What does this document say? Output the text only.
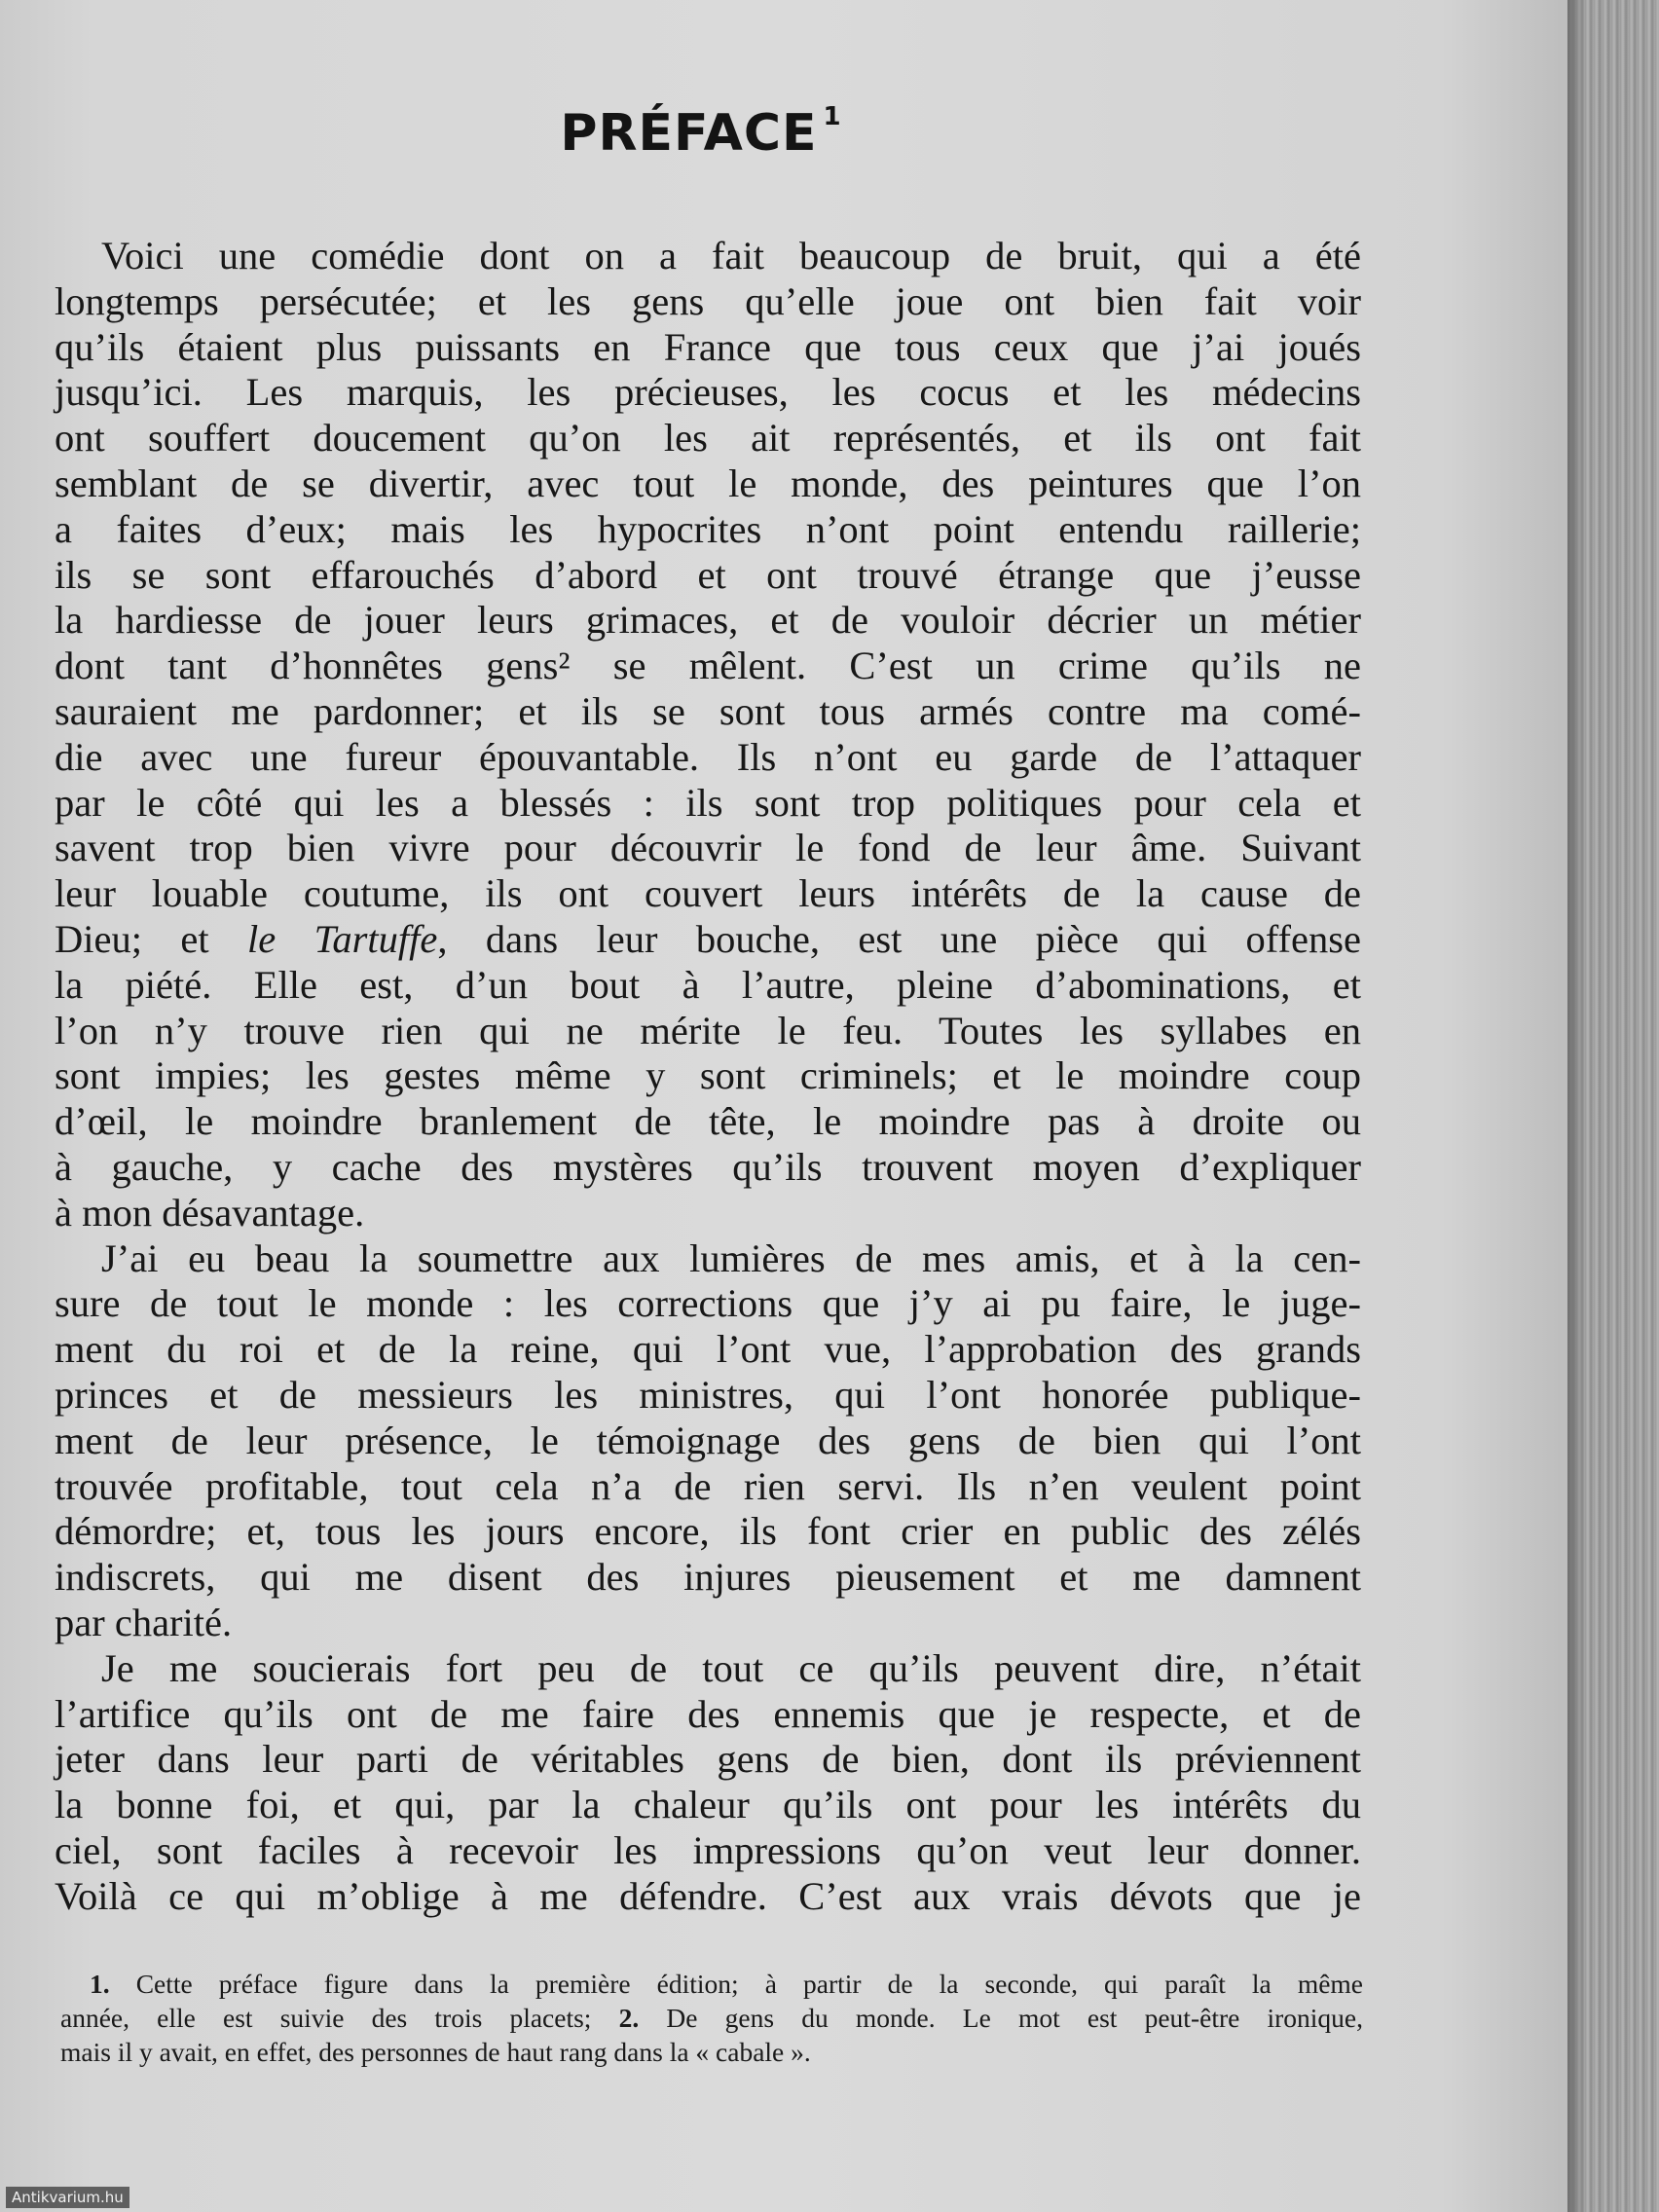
PRÉFACE $^1$
Voici une comédie dont on a fait beaucoup de bruit, qui a été
longtemps persécutée; et les gens qu’elle joue ont bien fait voir
qu’ils étaient plus puissants en France que tous ceux que j’ai joués
jusqu’ici. Les marquis, les précieuses, les cocus et les médecins
ont souffert doucement qu’on les ait représentés, et ils ont fait
semblant de se divertir, avec tout le monde, des peintures que l’on
a faites d’eux; mais les hypocrites n’ont point entendu raillerie;
ils se sont effarouchés d’abord et ont trouvé étrange que j’eusse
la hardiesse de jouer leurs grimaces, et de vouloir décrier un métier
dont tant d’honnêtes gens² se mêlent. C’est un crime qu’ils ne
sauraient me pardonner; et ils se sont tous armés contre ma comé-
die avec une fureur épouvantable. Ils n’ont eu garde de l’attaquer
par le côté qui les a blessés : ils sont trop politiques pour cela et
savent trop bien vivre pour découvrir le fond de leur âme. Suivant
leur louable coutume, ils ont couvert leurs intérêts de la cause de
Dieu; et le Tartuffe, dans leur bouche, est une pièce qui offense
la piété. Elle est, d’un bout à l’autre, pleine d’abominations, et
l’on n’y trouve rien qui ne mérite le feu. Toutes les syllabes en
sont impies; les gestes même y sont criminels; et le moindre coup
d’œil, le moindre branlement de tête, le moindre pas à droite ou
à gauche, y cache des mystères qu’ils trouvent moyen d’expliquer
à mon désavantage.
J’ai eu beau la soumettre aux lumières de mes amis, et à la cen-
sure de tout le monde : les corrections que j’y ai pu faire, le juge-
ment du roi et de la reine, qui l’ont vue, l’approbation des grands
princes et de messieurs les ministres, qui l’ont honorée publique-
ment de leur présence, le témoignage des gens de bien qui l’ont
trouvée profitable, tout cela n’a de rien servi. Ils n’en veulent point
démordre; et, tous les jours encore, ils font crier en public des zélés
indiscrets, qui me disent des injures pieusement et me damnent
par charité.
Je me soucierais fort peu de tout ce qu’ils peuvent dire, n’était
l’artifice qu’ils ont de me faire des ennemis que je respecte, et de
jeter dans leur parti de véritables gens de bien, dont ils préviennent
la bonne foi, et qui, par la chaleur qu’ils ont pour les intérêts du
ciel, sont faciles à recevoir les impressions qu’on veut leur donner.
Voilà ce qui m’oblige à me défendre. C’est aux vrais dévots que je
1. Cette préface figure dans la première édition; à partir de la seconde, qui paraît la même
année, elle est suivie des trois placets; 2. De gens du monde. Le mot est peut-être ironique,
mais il y avait, en effet, des personnes de haut rang dans la « cabale ».
Antikvarium.hu
